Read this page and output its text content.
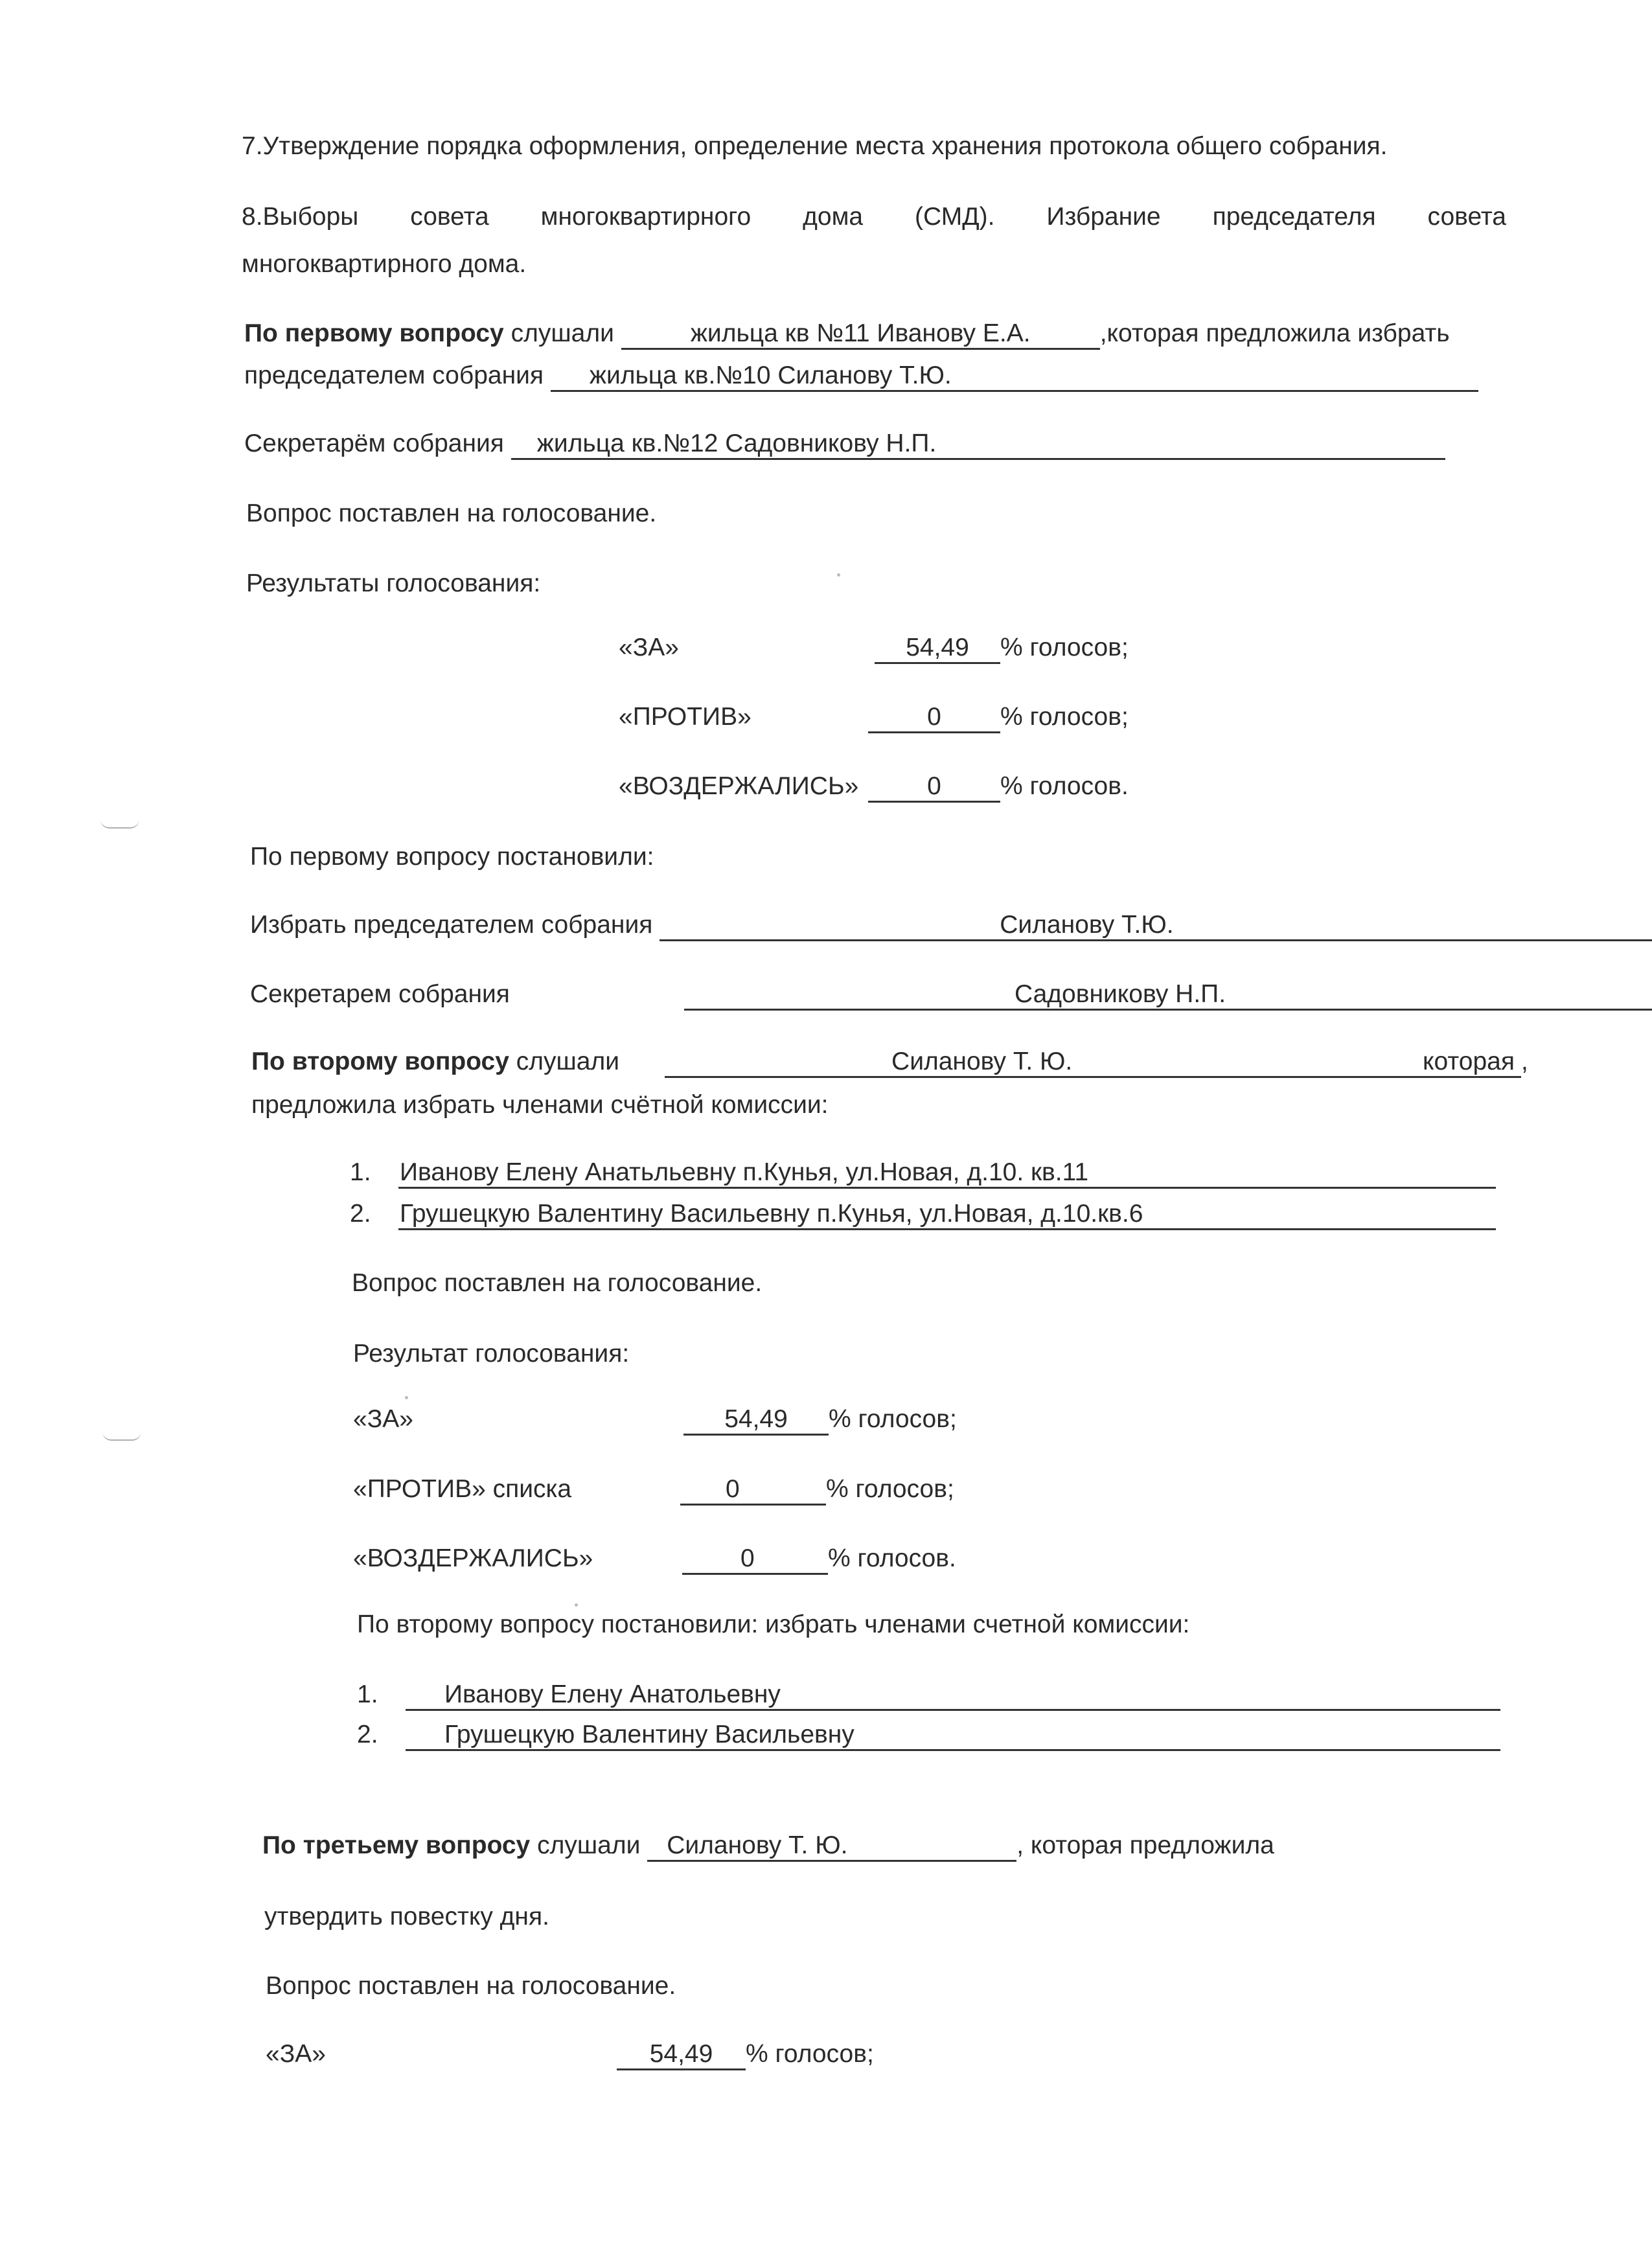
7.Утверждение порядка оформления, определение места хранения протокола общего собрания.
8.Выборы совета многоквартирного дома (СМД). Избрание председателя совета
многоквартирного дома.
По первому вопросу слушали	жильца кв №11 Иванову Е.А.	,которая предложила избрать
председателем собрания жильца кв.№10 Силанову Т.Ю.
Секретарём собрания жильца кв.№12 Садовникову Н.П.
Вопрос поставлен на голосование.
Результаты голосования:
«ЗА»	54,49 % голосов;
«ПРОТИВ»	0 % голосов;
«ВОЗДЕРЖАЛИСЬ»	0 % голосов.
По первому вопросу постановили:
Избрать председателем собрания	Силанову Т.Ю.
Секретарем собрания	Садовникову Н.П.
По второму вопросу слушали	Силанову Т. Ю.	,
которая
предложила избрать членами счётной комиссии:
1. Иванову Елену Анатьльевну п.Кунья, ул.Новая, д.10. кв.11
2. Грушецкую Валентину Васильевну п.Кунья, ул.Новая, д.10.кв.6
Вопрос поставлен на голосование.
Результат голосования:
«ЗА»	54,49 % голосов;
«ПРОТИВ» списка	0	% голосов;
«ВОЗДЕРЖАЛИСЬ»	0	% голосов.
По второму вопросу постановили: избрать членами счетной комиссии:
1.	Иванову Елену Анатольевну
2.	Грушецкую Валентину Васильевну
По третьему вопросу слушали Силанову Т. Ю.	, которая предложила
утвердить повестку дня.
Вопрос поставлен на голосование.
«ЗА»	54,49 % голосов;
